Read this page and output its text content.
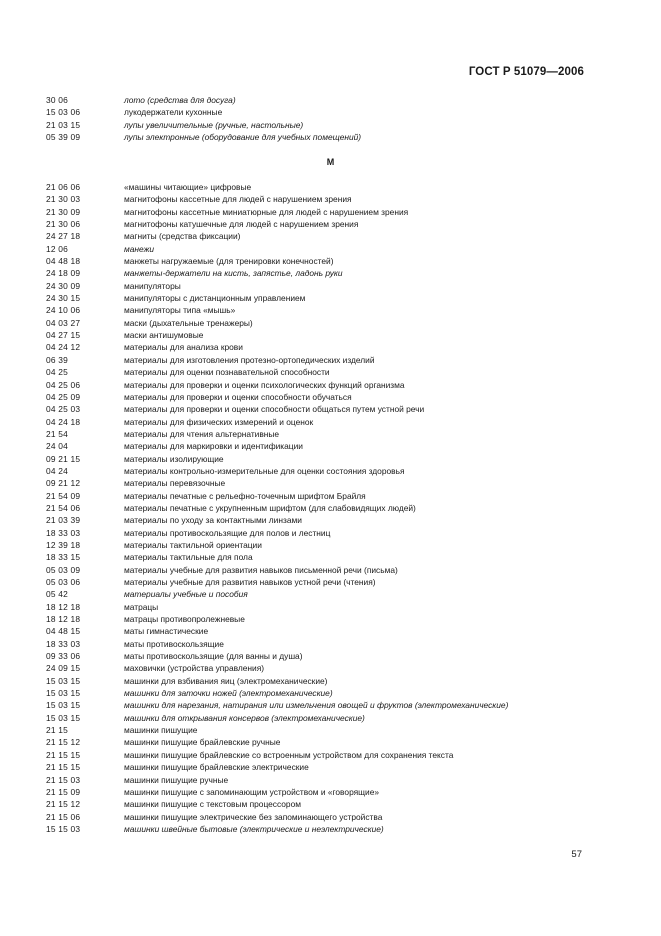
ГОСТ Р 51079—2006
30 06	лото (средства для досуга)
15 03 06	лукодержатели кухонные
21 03 15	лупы увеличительные (ручные, настольные)
05 39 09	лупы электронные (оборудование для учебных помещений)
М
21 06 06	«машины читающие» цифровые
21 30 03	магнитофоны кассетные для людей с нарушением зрения
21 30 09	магнитофоны кассетные миниатюрные для людей с нарушением зрения
21 30 06	магнитофоны катушечные для людей с нарушением зрения
24 27 18	магниты (средства фиксации)
12 06	манежи
04 48 18	манжеты нагружаемые (для тренировки конечностей)
24 18 09	манжеты-держатели на кисть, запястье, ладонь руки
24 30 09	манипуляторы
24 30 15	манипуляторы с дистанционным управлением
24 10 06	манипуляторы типа «мышь»
04 03 27	маски (дыхательные тренажеры)
04 27 15	маски антишумовые
04 24 12	материалы для анализа крови
06 39	материалы для изготовления протезно-ортопедических изделий
04 25	материалы для оценки познавательной способности
04 25 06	материалы для проверки и оценки психологических функций организма
04 25 09	материалы для проверки и оценки способности обучаться
04 25 03	материалы для проверки и оценки способности общаться путем устной речи
04 24 18	материалы для физических измерений и оценок
21 54	материалы для чтения альтернативные
24 04	материалы для маркировки и идентификации
09 21 15	материалы изолирующие
04 24	материалы контрольно-измерительные для оценки состояния здоровья
09 21 12	материалы перевязочные
21 54 09	материалы печатные с рельефно-точечным шрифтом Брайля
21 54 06	материалы печатные с укрупненным шрифтом (для слабовидящих людей)
21 03 39	материалы по уходу за контактными линзами
18 33 03	материалы противоскользящие для полов и лестниц
12 39 18	материалы тактильной ориентации
18 33 15	материалы тактильные для пола
05 03 09	материалы учебные для развития навыков письменной речи (письма)
05 03 06	материалы учебные для развития навыков устной речи (чтения)
05 42	материалы учебные и пособия
18 12 18	матрацы
18 12 18	матрацы противопролежневые
04 48 15	маты гимнастические
18 33 03	маты противоскользящие
09 33 06	маты противоскользящие (для ванны и душа)
24 09 15	маховички (устройства управления)
15 03 15	машинки для взбивания яиц (электромеханические)
15 03 15	машинки для заточки ножей (электромеханические)
15 03 15	машинки для нарезания, натирания или измельчения овощей и фруктов (электромеханические)
15 03 15	машинки для открывания консервов (электромеханические)
21 15	машинки пишущие
21 15 12	машинки пишущие брайлевские ручные
21 15 15	машинки пишущие брайлевские со встроенным устройством для сохранения текста
21 15 15	машинки пишущие брайлевские электрические
21 15 03	машинки пишущие ручные
21 15 09	машинки пишущие с запоминающим устройством и «говорящие»
21 15 12	машинки пишущие с текстовым процессором
21 15 06	машинки пишущие электрические без запоминающего устройства
15 15 03	машинки швейные бытовые (электрические и неэлектрические)
57
